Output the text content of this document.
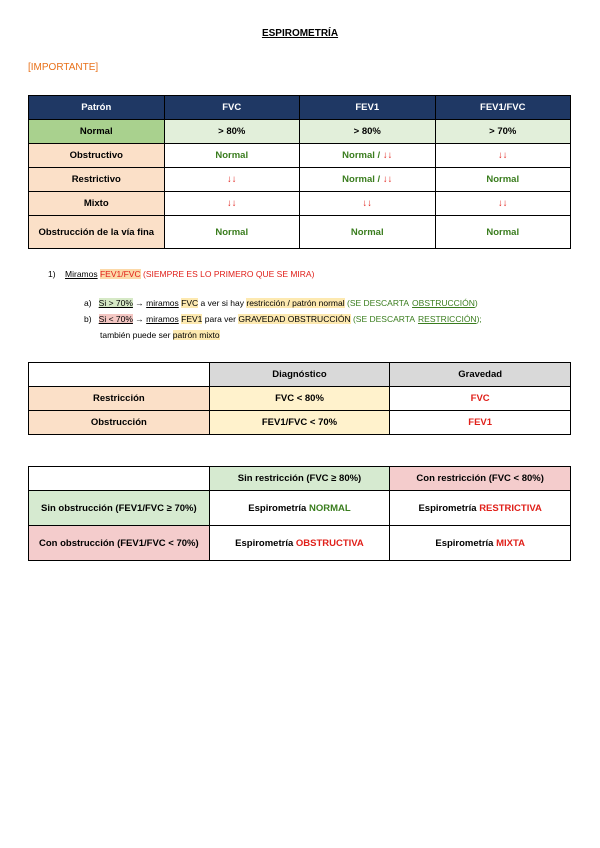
ESPIROMETRÍA
[IMPORTANTE]
Patrón	FVC	FEV1	FEV1/FVC
Normal	> 80%	> 80%	> 70%
Obstructivo	Normal	Normal / ↓↓	↓↓
Restrictivo	↓↓	Normal / ↓↓	Normal
Mixto	↓↓	↓↓	↓↓
Obstrucción de la vía fina	Normal	Normal	Normal
1) Miramos FEV1/FVC (SIEMPRE ES LO PRIMERO QUE SE MIRA)
a) Si > 70% → miramos FVC a ver si hay restricción / patrón normal (SE DESCARTA OBSTRUCCIÓN)
b) Si < 70% → miramos FEV1 para ver GRAVEDAD OBSTRUCCIÓN (SE DESCARTA RESTRICCIÓN);
también puede ser patrón mixto
	Diagnóstico	Gravedad
Restricción	FVC < 80%	FVC
Obstrucción	FEV1/FVC < 70%	FEV1
	Sin restricción (FVC ≥ 80%)	Con restricción (FVC < 80%)
Sin obstrucción (FEV1/FVC ≥ 70%)	Espirometría NORMAL	Espirometría RESTRICTIVA
Con obstrucción (FEV1/FVC < 70%)	Espirometría OBSTRUCTIVA	Espirometría MIXTA
